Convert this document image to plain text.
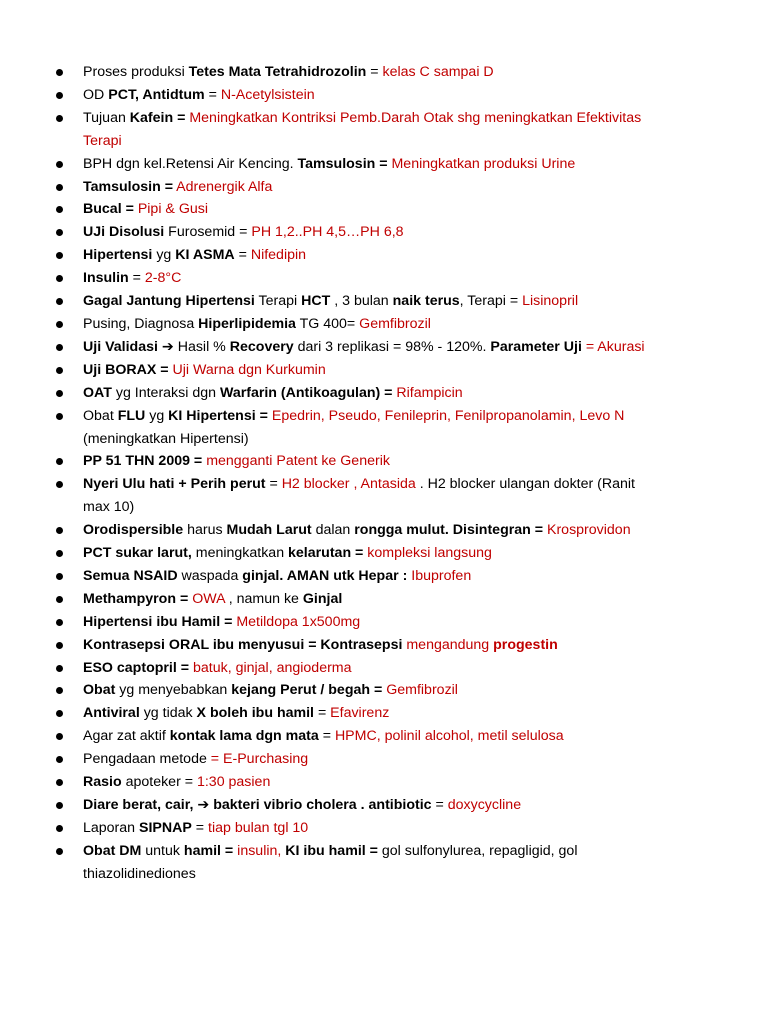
Proses produksi Tetes Mata Tetrahidrozolin = kelas C sampai D
OD PCT, Antidtum = N-Acetylsistein
Tujuan Kafein = Meningkatkan Kontriksi Pemb.Darah Otak shg meningkatkan Efektivitas Terapi
BPH dgn kel.Retensi Air Kencing. Tamsulosin = Meningkatkan produksi Urine
Tamsulosin = Adrenergik Alfa
Bucal = Pipi & Gusi
UJi Disolusi Furosemid = PH 1,2..PH 4,5…PH 6,8
Hipertensi yg KI ASMA = Nifedipin
Insulin = 2-8°C
Gagal Jantung Hipertensi Terapi HCT , 3 bulan naik terus, Terapi = Lisinopril
Pusing, Diagnosa Hiperlipidemia TG 400= Gemfibrozil
Uji Validasi ➔ Hasil % Recovery dari 3 replikasi = 98% - 120%. Parameter Uji = Akurasi
Uji BORAX = Uji Warna dgn Kurkumin
OAT yg Interaksi dgn Warfarin (Antikoagulan) = Rifampicin
Obat FLU yg KI Hipertensi = Epedrin, Pseudo, Fenileprin, Fenilpropanolamin, Levo N (meningkatkan Hipertensi)
PP 51 THN 2009 = mengganti Patent ke Generik
Nyeri Ulu hati + Perih perut = H2 blocker , Antasida . H2 blocker ulangan dokter (Ranit max 10)
Orodispersible harus Mudah Larut dalan rongga mulut. Disintegran = Krosprovidon
PCT sukar larut, meningkatkan kelarutan = kompleksi langsung
Semua NSAID waspada ginjal. AMAN utk Hepar : Ibuprofen
Methampyron = OWA , namun ke Ginjal
Hipertensi ibu Hamil = Metildopa 1x500mg
Kontrasepsi ORAL ibu menyusui = Kontrasepsi mengandung progestin
ESO captopril = batuk, ginjal, angioderma
Obat yg menyebabkan kejang Perut / begah = Gemfibrozil
Antiviral yg tidak X boleh ibu hamil = Efavirenz
Agar zat aktif kontak lama dgn mata = HPMC, polinil alcohol, metil selulosa
Pengadaan metode = E-Purchasing
Rasio apoteker = 1:30 pasien
Diare berat, cair, ➔ bakteri vibrio cholera . antibiotic = doxycycline
Laporan SIPNAP = tiap bulan tgl 10
Obat DM untuk hamil = insulin, KI ibu hamil = gol sulfonylurea, repagligid, gol thiazolidinediones
